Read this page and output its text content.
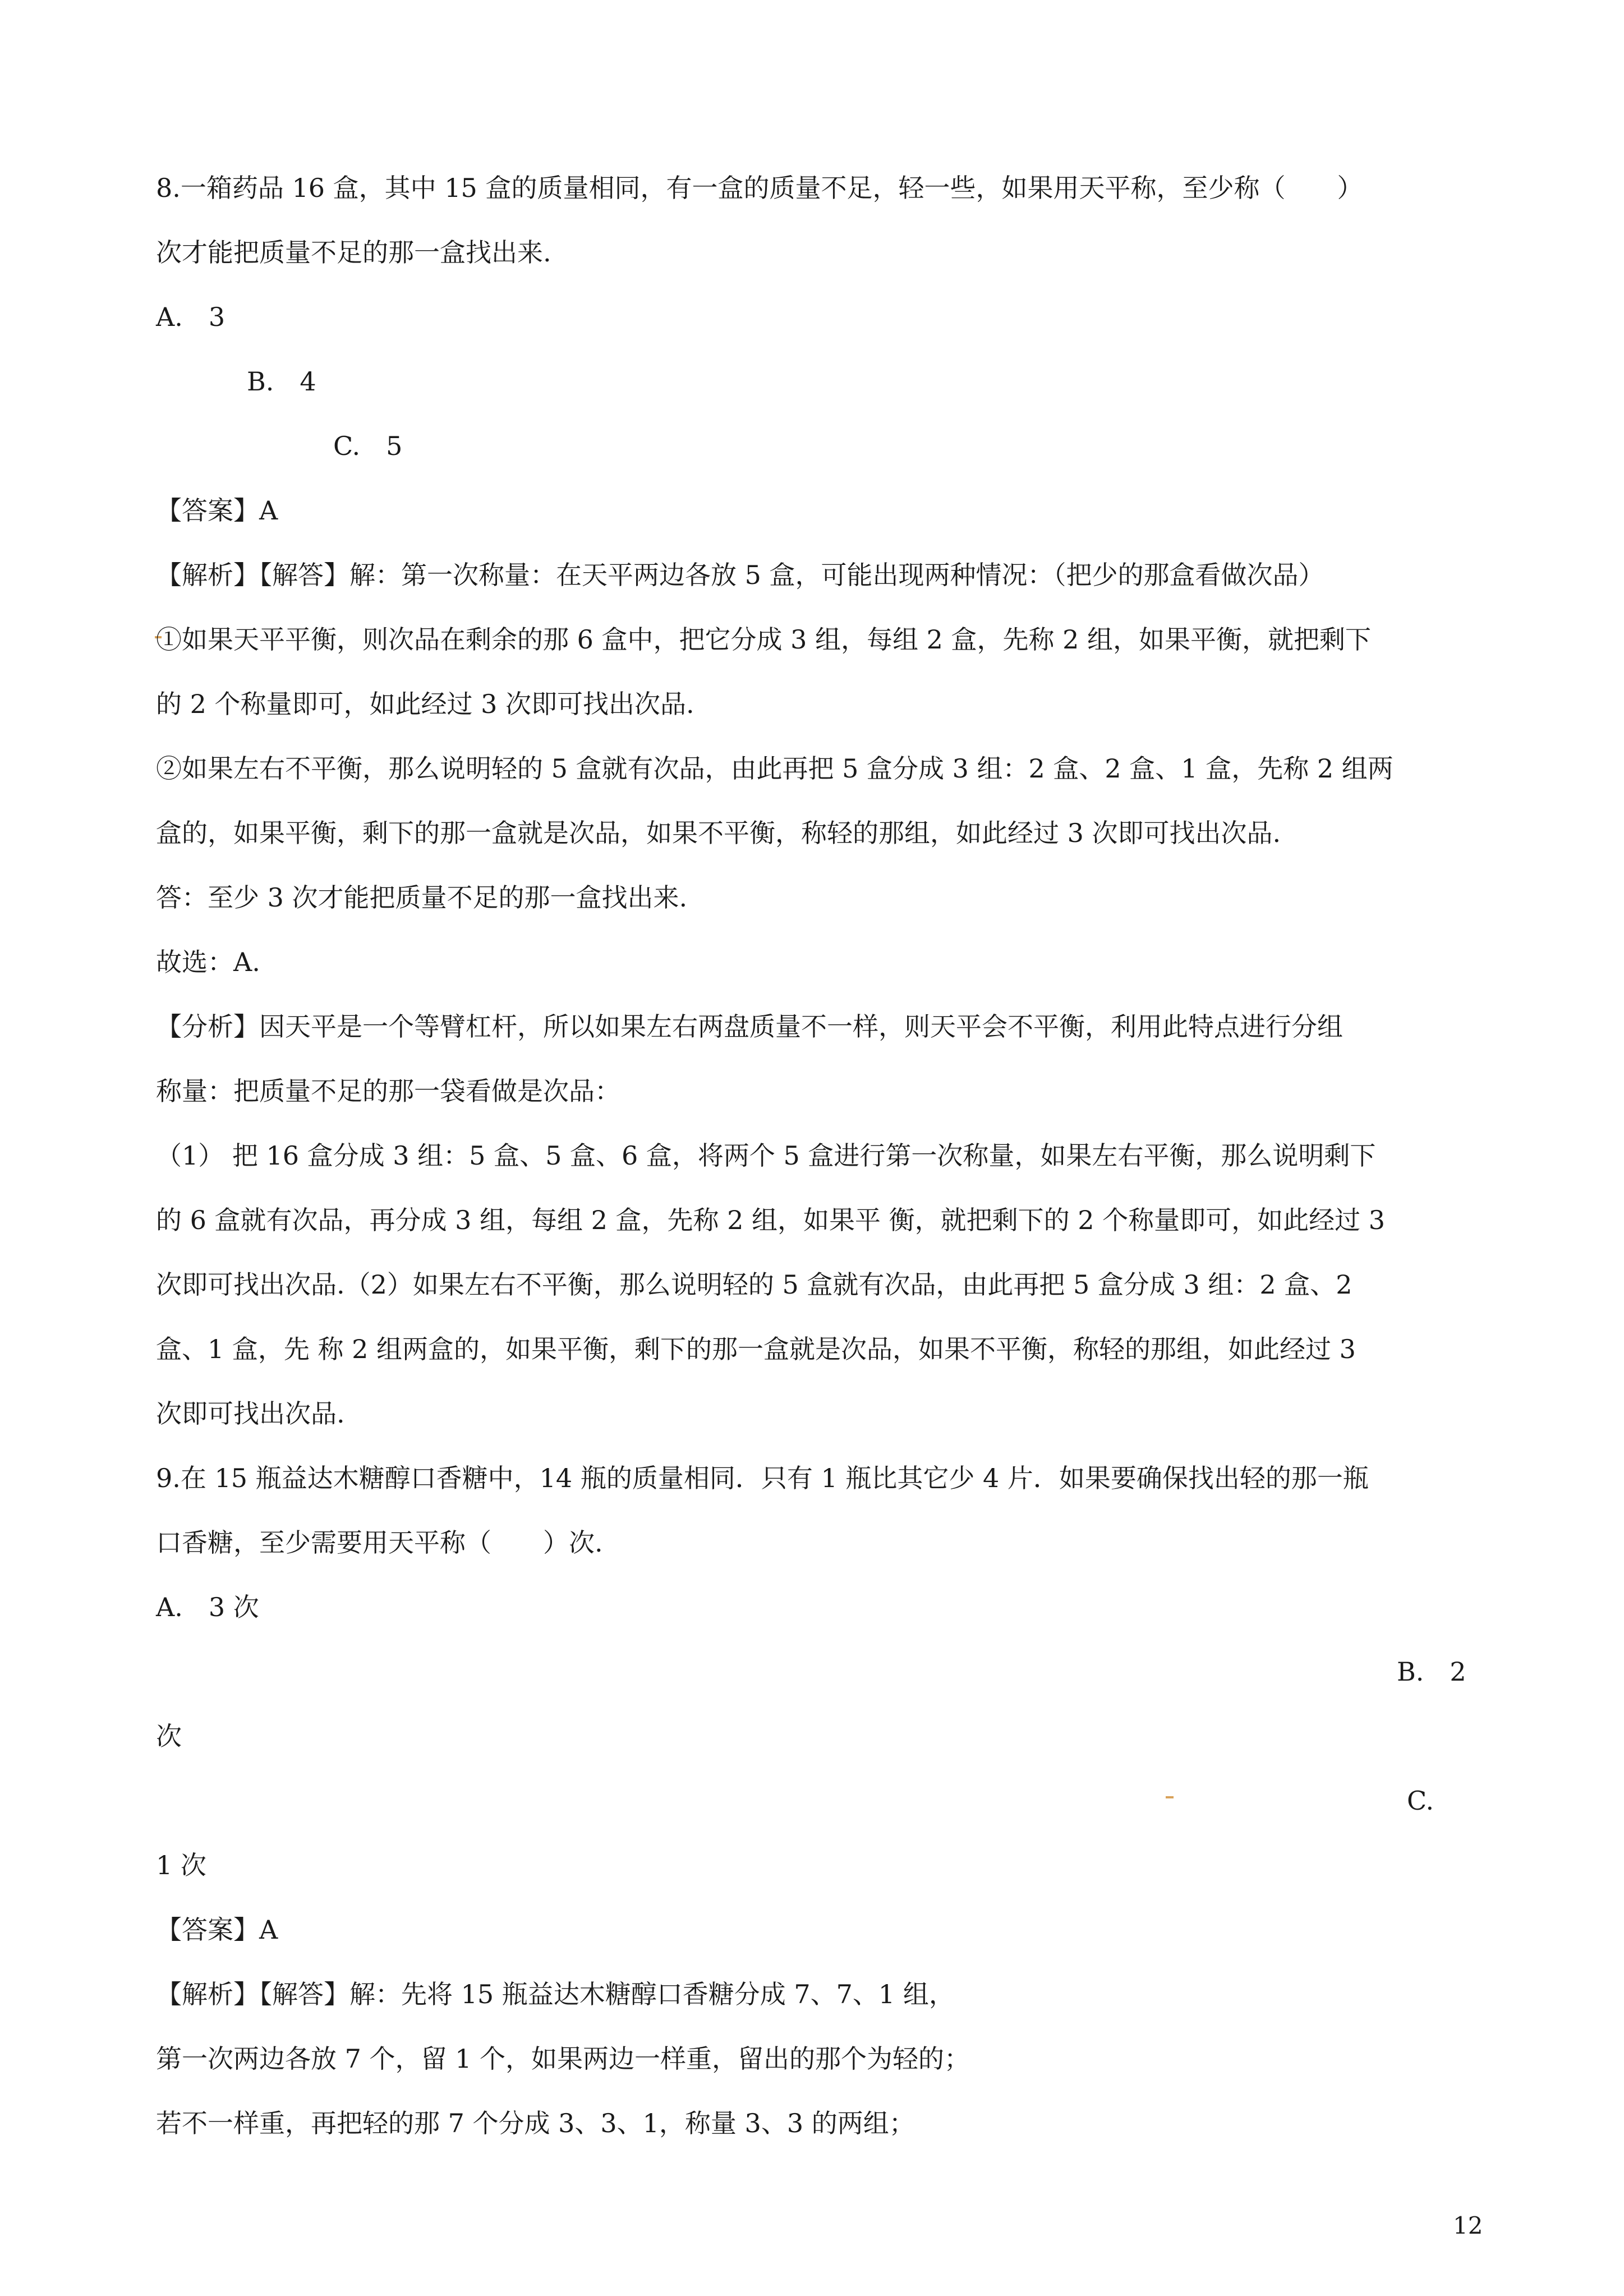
8.一箱药品 16 盒，其中 15 盒的质量相同，有一盒的质量不足，轻一些，如果用天平称，至少称（　　）
次才能把质量不足的那一盒找出来.
A.　3
B.　4
C.　5
【答案】A
【解析】【解答】解：第一次称量：在天平两边各放 5 盒，可能出现两种情况：（把少的那盒看做次品）
①如果天平平衡，则次品在剩余的那 6 盒中，把它分成 3 组，每组 2 盒，先称 2 组，如果平衡，就把剩下
的 2 个称量即可，如此经过 3 次即可找出次品.
②如果左右不平衡，那么说明轻的 5 盒就有次品，由此再把 5 盒分成 3 组：2 盒、2 盒、1 盒，先称 2 组两
盒的，如果平衡，剩下的那一盒就是次品，如果不平衡，称轻的那组，如此经过 3 次即可找出次品.
答：至少 3 次才能把质量不足的那一盒找出来.
故选：A.
【分析】因天平是一个等臂杠杆，所以如果左右两盘质量不一样，则天平会不平衡，利用此特点进行分组
称量：把质量不足的那一袋看做是次品：
（1） 把 16 盒分成 3 组：5 盒、5 盒、6 盒，将两个 5 盒进行第一次称量，如果左右平衡，那么说明剩下
的 6 盒就有次品，再分成 3 组，每组 2 盒，先称 2 组，如果平 衡，就把剩下的 2 个称量即可，如此经过 3
次即可找出次品.（2）如果左右不平衡，那么说明轻的 5 盒就有次品，由此再把 5 盒分成 3 组：2 盒、2
盒、1 盒，先 称 2 组两盒的，如果平衡，剩下的那一盒就是次品，如果不平衡，称轻的那组，如此经过 3
次即可找出次品.
9.在 15 瓶益达木糖醇口香糖中，14 瓶的质量相同．只有 1 瓶比其它少 4 片．如果要确保找出轻的那一瓶
口香糖，至少需要用天平称（　　）次.
A.　3 次
B.　2
次
C.
1 次
【答案】A
【解析】【解答】解：先将 15 瓶益达木糖醇口香糖分成 7、7、1 组，
第一次两边各放 7 个，留 1 个，如果两边一样重，留出的那个为轻的；
若不一样重，再把轻的那 7 个分成 3、3、1，称量 3、3 的两组；
12
